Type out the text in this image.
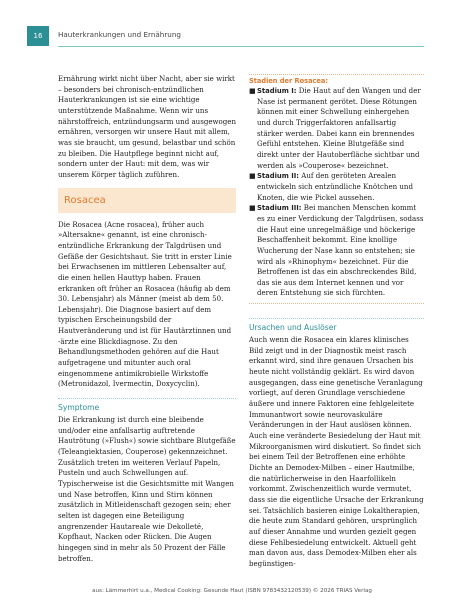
16	Hauterkrankungen und Ernährung

Ernährung wirkt nicht über Nacht, aber sie wirkt – besonders bei chronisch-entzündlichen Hauterkrankungen ist sie eine wichtige unterstützende Maßnahme. Wenn wir uns nährstoffreich, entzündungsarm und ausgewogen ernähren, versorgen wir unsere Haut mit allem, was sie braucht, um gesund, belastbar und schön zu bleiben. Die Hautpflege beginnt nicht auf, sondern unter der Haut: mit dem, was wir unserem Körper täglich zuführen.

Rosacea

Die Rosacea (Acne rosacea), früher auch »Altersakne« genannt, ist eine chronisch-entzündliche Erkrankung der Talgdrüsen und Gefäße der Gesichtshaut. Sie tritt in erster Linie bei Erwachsenen im mittleren Lebensalter auf, die einen hellen Hauttyp haben. Frauen erkranken oft früher an Rosacea (häufig ab dem 30. Lebensjahr) als Männer (meist ab dem 50. Lebensjahr). Die Diagnose basiert auf dem typischen Erscheinungsbild der Hautveränderung und ist für Hautärztinnen und -ärzte eine Blickdiagnose. Zu den Behandlungsmethoden gehören auf die Haut aufgetragene und mitunter auch oral eingenommene antimikrobielle Wirkstoffe (Metronidazol, Ivermectin, Doxycyclin).

Symptome

Die Erkrankung ist durch eine bleibende und/oder eine anfallsartig auftretende Hautrötung (»Flush«) sowie sichtbare Blutgefäße (Teleangiektasien, Couperose) gekennzeichnet. Zusätzlich treten im weiteren Verlauf Papeln, Pusteln und auch Schwellungen auf. Typischerweise ist die Gesichtsmitte mit Wangen und Nase betroffen, Kinn und Stirn können zusätzlich in Mitleidenschaft gezogen sein; eher selten ist dagegen eine Beteiligung angrenzender Hautareale wie Dekolleté, Kopfhaut, Nacken oder Rücken. Die Augen hingegen sind in mehr als 50 Prozent der Fälle betroffen.

Stadien der Rosacea:
■ Stadium I: Die Haut auf den Wangen und der Nase ist permanent gerötet. Diese Rötungen können mit einer Schwellung einhergehen und durch Triggerfaktoren anfallsartig stärker werden. Dabei kann ein brennendes Gefühl entstehen. Kleine Blutgefäße sind direkt unter der Hautoberfläche sichtbar und werden als »Couperose« bezeichnet.

■ Stadium II: Auf den geröteten Arealen entwickeln sich entzündliche Knötchen und Knoten, die wie Pickel aussehen.

■ Stadium III: Bei manchen Menschen kommt es zu einer Verdickung der Talgdrüsen, sodass die Haut eine unregelmäßige und höckerige Beschaffenheit bekommt. Eine knollige Wucherung der Nase kann so entstehen; sie wird als »Rhinophym« bezeichnet. Für die Betroffenen ist das ein abschreckendes Bild, das sie aus dem Internet kennen und vor deren Entstehung sie sich fürchten.

Ursachen und Auslöser

Auch wenn die Rosacea ein klares klinisches Bild zeigt und in der Diagnostik meist rasch erkannt wird, sind ihre genauen Ursachen bis heute nicht vollständig geklärt. Es wird davon ausgegangen, dass eine genetische Veranlagung vorliegt, auf deren Grundlage verschiedene äußere und innere Faktoren eine fehlgeleitete Immunantwort sowie neurovaskuläre Veränderungen in der Haut auslösen können. Auch eine veränderte Besiedelung der Haut mit Mikroorganismen wird diskutiert. So findet sich bei einem Teil der Betroffenen eine erhöhte Dichte an Demodex-Milben – einer Hautmilbe, die natürlicherweise in den Haarfollikeln vorkommt. Zwischenzeitlich wurde vermutet, dass sie die eigentliche Ursache der Erkrankung sei. Tatsächlich basieren einige Lokaltherapien, die heute zum Standard gehören, ursprünglich auf dieser Annahme und wurden gezielt gegen diese Fehlbesiedelung entwickelt. Aktuell geht man davon aus, dass Demodex-Milben eher als begünstigen-

aus: Lämmerhirt u.a., Medical Cooking: Gesunde Haut (ISBN 9783432120539) © 2026 TRIAS Verlag
